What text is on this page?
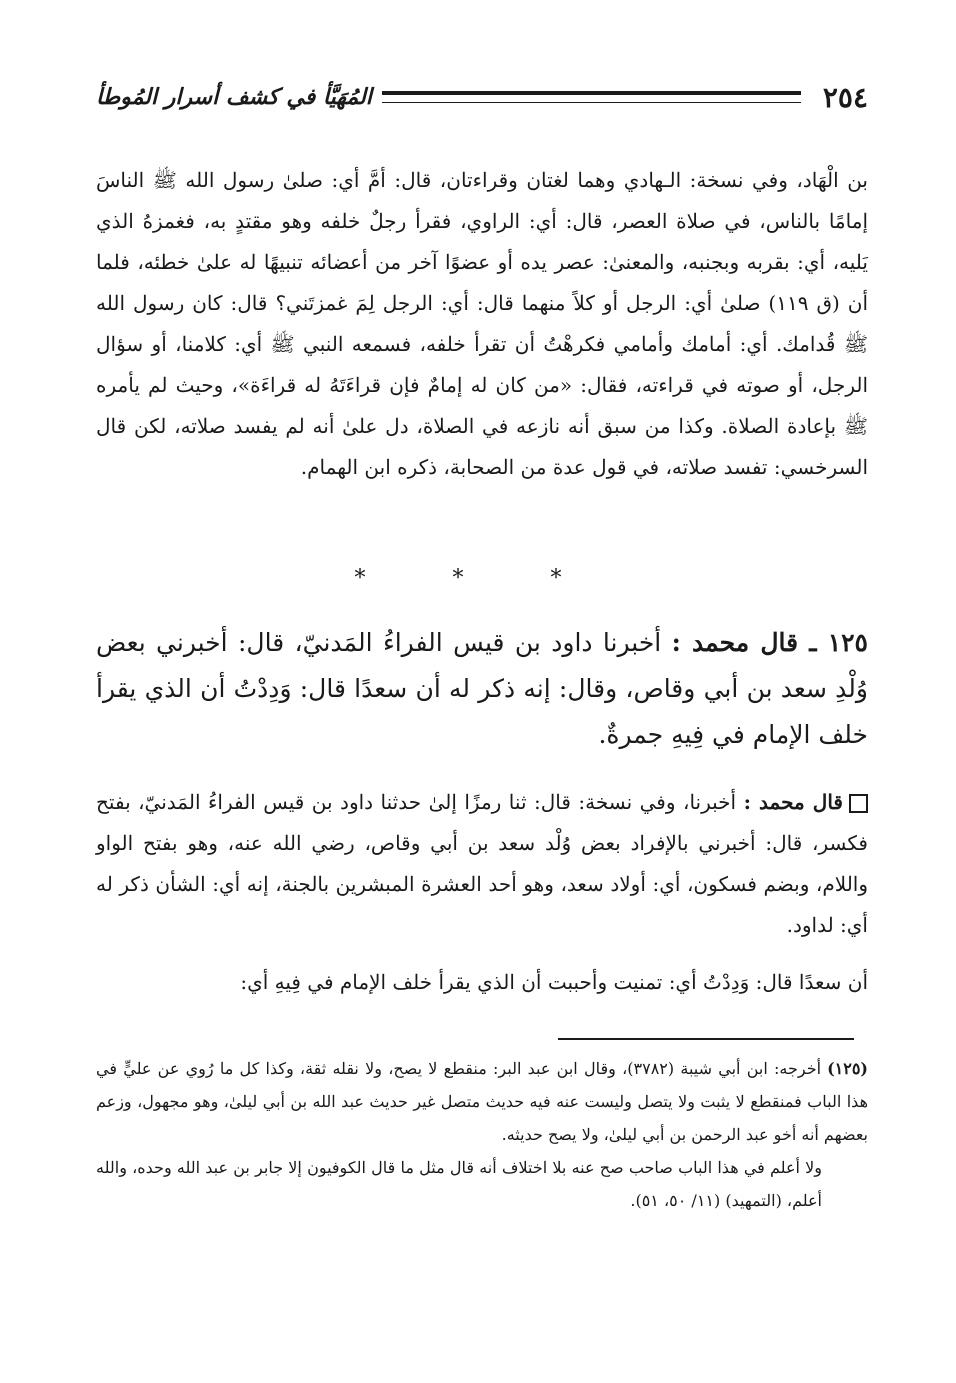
٢٥٤
المُهَيَّأ في كشف أسرار المُوطأ
بن الْهَاد، وفي نسخة: الـهادي وهما لغتان وقراءتان، قال: أمَّ أي: صلىٰ رسول الله ﷺ الناسَ إمامًا بالناس، في صلاة العصر، قال: أي: الراوي، فقرأ رجلٌ خلفه وهو مقتدٍ به، فغمزهُ الذي يَليه، أي: بقربه وبجنبه، والمعنىٰ: عصر يده أو عضوًا آخر من أعضائه تنبيهًا له علىٰ خطئه، فلما أن (ق ١١٩) صلىٰ أي: الرجل أو كلاً منهما قال: أي: الرجل لِمَ غمزتَني؟ قال: كان رسول الله ﷺ قُدامك. أي: أمامك وأمامي فكرهْتُ أن تقرأ خلفه، فسمعه النبي ﷺ أي: كلامنا، أو سؤال الرجل، أو صوته في قراءته، فقال: «من كان له إمامٌ فإن قراءَتَهُ له قراءَة»، وحيث لم يأمره ﷺ بإعادة الصلاة. وكذا من سبق أنه نازعه في الصلاة، دل علىٰ أنه لم يفسد صلاته، لكن قال السرخسي: تفسد صلاته، في قول عدة من الصحابة، ذكره ابن الهمام.
* * *
١٢٥ ـ قال محمد : أخبرنا داود بن قيس الفراءُ المَدنيّ، قال: أخبرني بعض وُلْدِ سعد بن أبي وقاص، وقال: إنه ذكر له أن سعدًا قال: وَدِدْتُ أن الذي يقرأ خلف الإمام في فِيهِ جمرةٌ.
قال محمد : أخبرنا، وفي نسخة: قال: ثنا رمزًا إلىٰ حدثنا داود بن قيس الفراءُ المَدنيّ، بفتح فكسر، قال: أخبرني بالإفراد بعض وُلْد سعد بن أبي وقاص، رضي الله عنه، وهو بفتح الواو واللام، وبضم فسكون، أي: أولاد سعد، وهو أحد العشرة المبشرين بالجنة، إنه أي: الشأن ذكر له أي: لداود.
أن سعدًا قال: وَدِدْتُ أي: تمنيت وأحببت أن الذي يقرأ خلف الإمام في فِيهِ أي:
(١٢٥)أخرجه: ابن أبي شيبة (٣٧٨٢)، وقال ابن عبد البر: منقطع لا يصح، ولا نقله ثقة، وكذا كل ما رُوي عن عليٍّ في هذا الباب فمنقطع لا يثبت ولا يتصل وليست عنه فيه حديث متصل غير حديث عبد الله بن أبي ليلىٰ، وهو مجهول، وزعم بعضهم أنه أخو عبد الرحمن بن أبي ليلىٰ، ولا يصح حديثه.
ولا أعلم في هذا الباب صاحب صح عنه بلا اختلاف أنه قال مثل ما قال الكوفيون إلا جابر بن عبد الله وحده، والله أعلم، (التمهيد) (١١/ ٥٠، ٥١).
